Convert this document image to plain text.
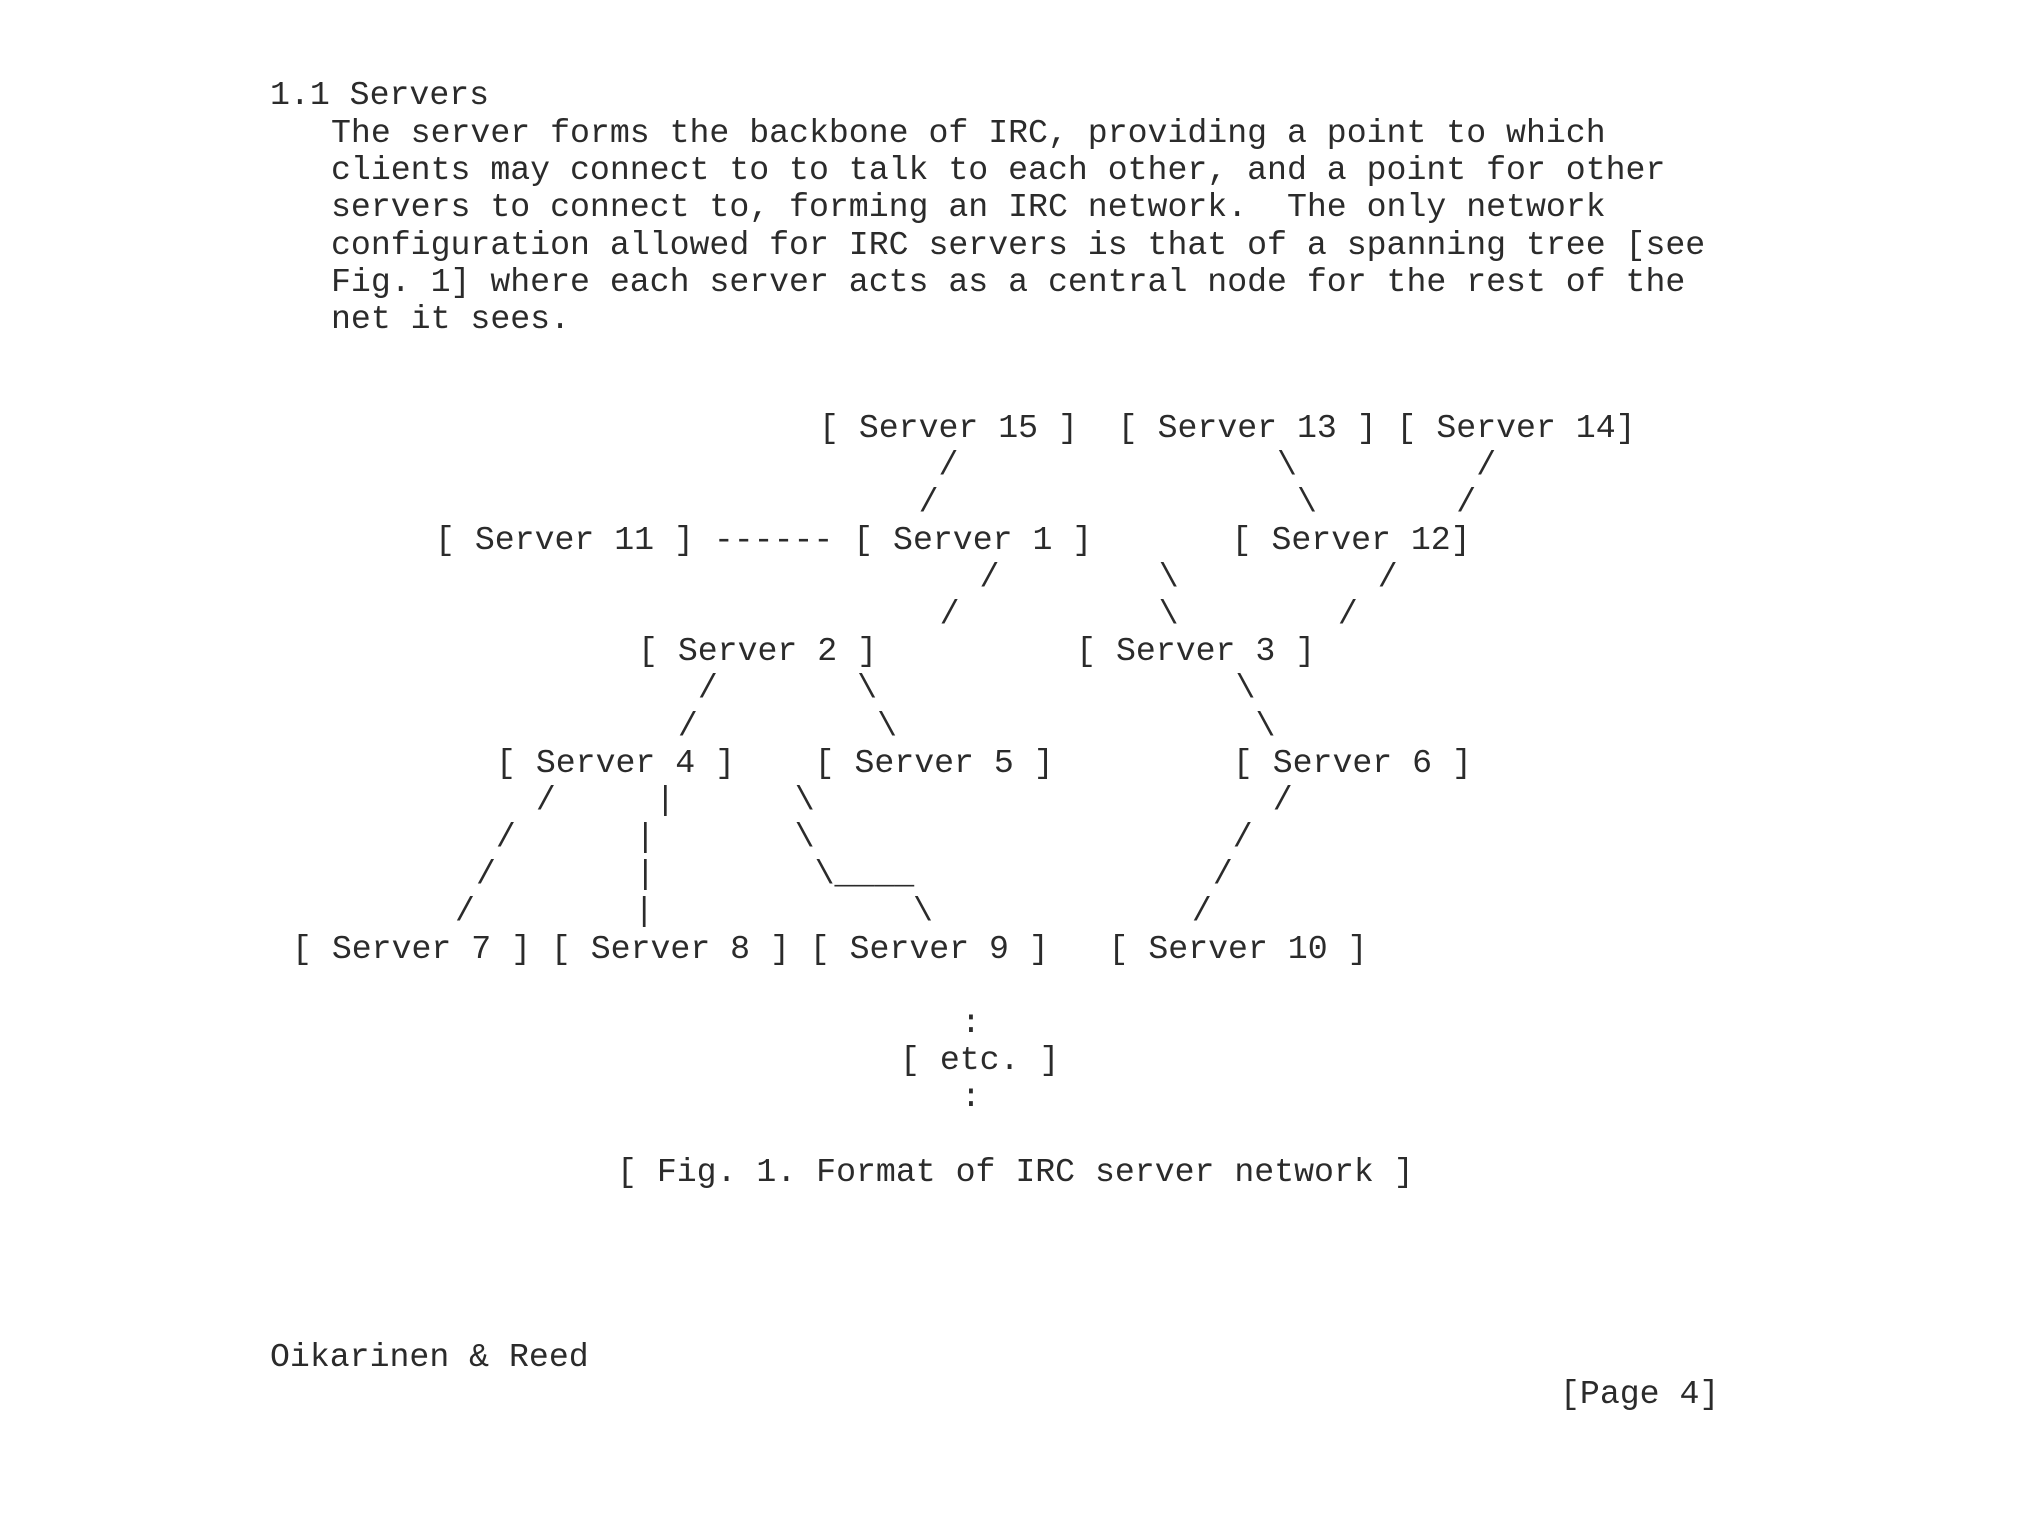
1.1 Servers

The server forms the backbone of IRC, providing a point to which
clients may connect to to talk to each other, and a point for other
servers to connect to, forming an IRC network.  The only network
configuration allowed for IRC servers is that of a spanning tree [see
Fig. 1] where each server acts as a central node for the rest of the
net it sees.
[ Server 15 ]  [ Server 13 ] [ Server 14]
/                \         /
/                  \       /
[ Server 11 ] ------ [ Server 1 ]       [ Server 12]
/        \          /
/          \        /
[ Server 2 ]          [ Server 3 ]
/       \                  \
/         \                  \
[ Server 4 ]    [ Server 5 ]         [ Server 6 ]
/     |      \                       /
/      |       \                     /
/       |        \____               /
/        |             \             /
[ Server 7 ] [ Server 8 ] [ Server 9 ]   [ Server 10 ]
:
[ etc. ]
:
[ Fig. 1. Format of IRC server network ]

Oikarinen & Reed

[Page 4]
